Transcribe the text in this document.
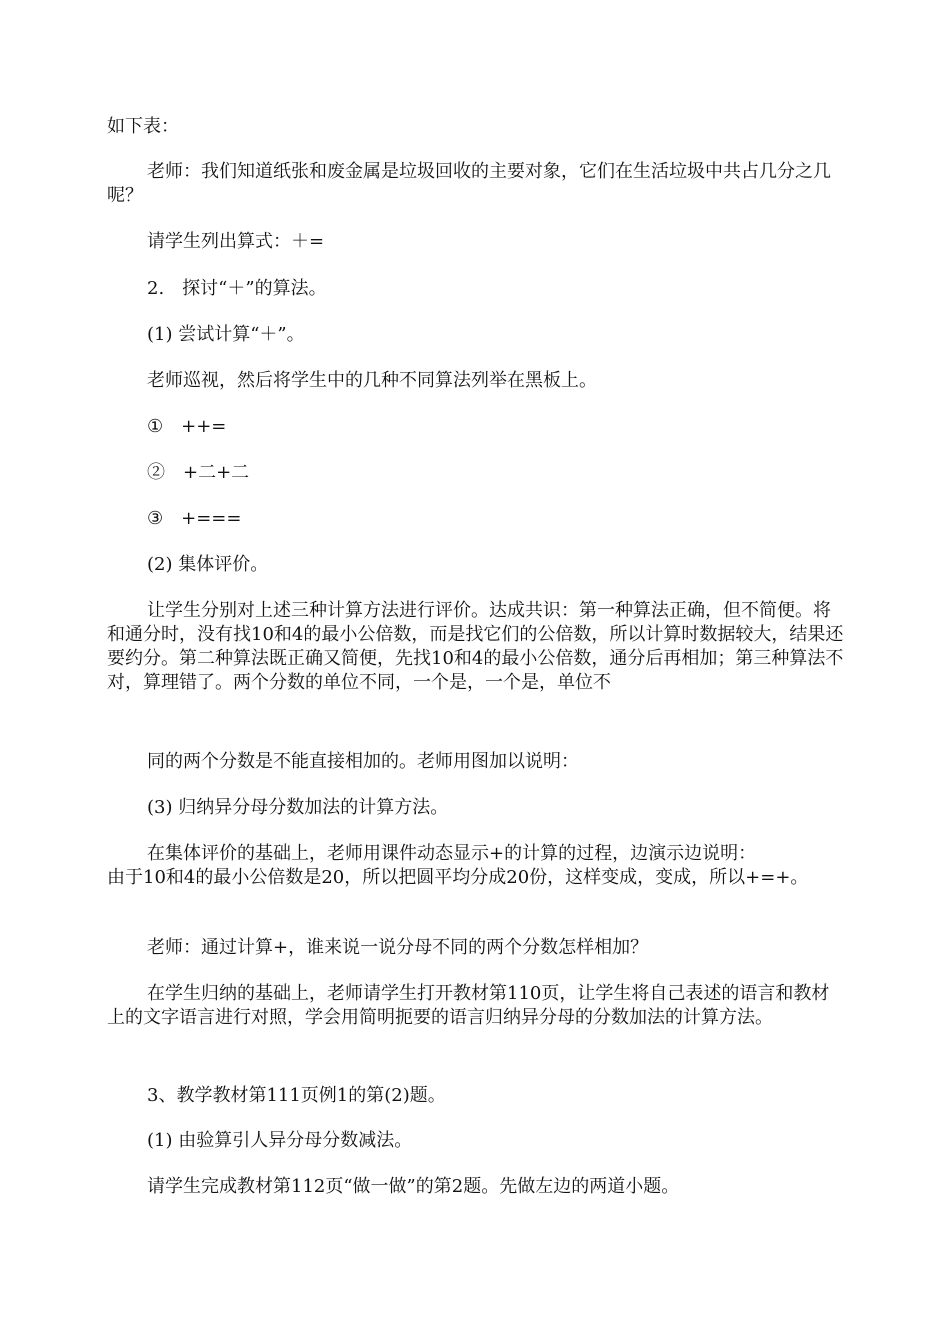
如下表：

老师：我们知道纸张和废金属是垃圾回收的主要对象，它们在生活垃圾中共占几分之几呢？

请学生列出算式：＋=

2.　探讨“＋”的算法。

(1) 尝试计算“＋”。

老师巡视，然后将学生中的几种不同算法列举在黑板上。

①　++=

②　+二+二

③　+===

(2) 集体评价。

让学生分别对上述三种计算方法进行评价。达成共识：第一种算法正确，但不简便。将和通分时，没有找10和4的最小公倍数，而是找它们的公倍数，所以计算时数据较大，结果还要约分。第二种算法既正确又简便，先找10和4的最小公倍数，通分后再相加；第三种算法不对，算理错了。两个分数的单位不同，一个是，一个是，单位不

同的两个分数是不能直接相加的。老师用图加以说明：

(3) 归纳异分母分数加法的计算方法。

在集体评价的基础上，老师用课件动态显示+的计算的过程，边演示边说明：

由于10和4的最小公倍数是20，所以把圆平均分成20份，这样变成，变成，所以+=+。

老师：通过计算+，谁来说一说分母不同的两个分数怎样相加？

在学生归纳的基础上，老师请学生打开教材第110页，让学生将自己表述的语言和教材上的文字语言进行对照，学会用简明扼要的语言归纳异分母的分数加法的计算方法。

3、教学教材第111页例1的第(2)题。

(1) 由验算引人异分母分数减法。

请学生完成教材第112页“做一做”的第2题。先做左边的两道小题。
